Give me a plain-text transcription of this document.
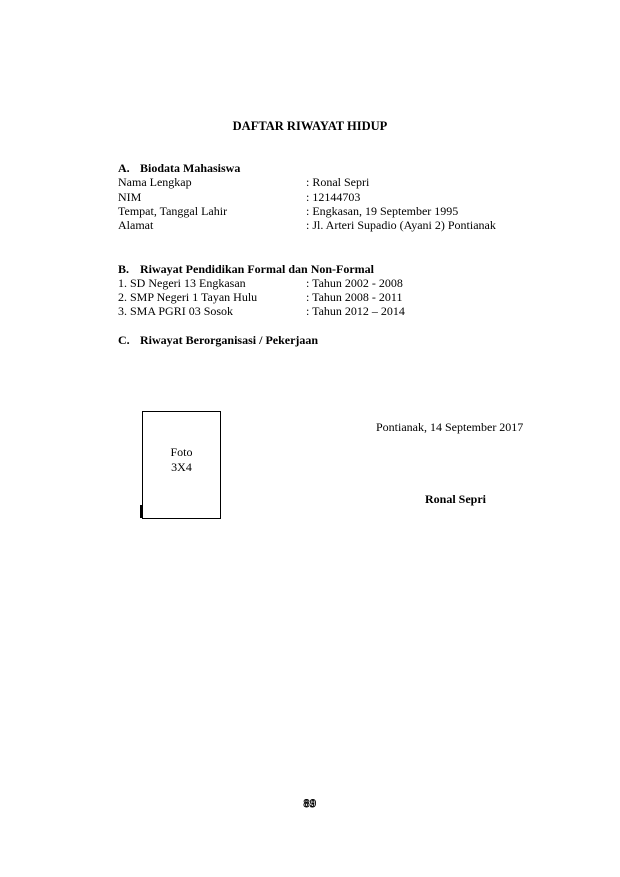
DAFTAR RIWAYAT HIDUP
A. Biodata Mahasiswa
Nama Lengkap	: Ronal Sepri
NIM	: 12144703
Tempat, Tanggal Lahir	: Engkasan, 19 September 1995
Alamat	: Jl. Arteri Supadio (Ayani 2) Pontianak
B. Riwayat Pendidikan Formal dan Non-Formal
1. SD Negeri 13 Engkasan	: Tahun 2002 - 2008
2. SMP Negeri 1 Tayan Hulu	: Tahun 2008 - 2011
3. SMA PGRI 03 Sosok	: Tahun 2012 – 2014
C. Riwayat Berorganisasi / Pekerjaan
Foto
3X4
Pontianak, 14 September 2017
Ronal Sepri
89
